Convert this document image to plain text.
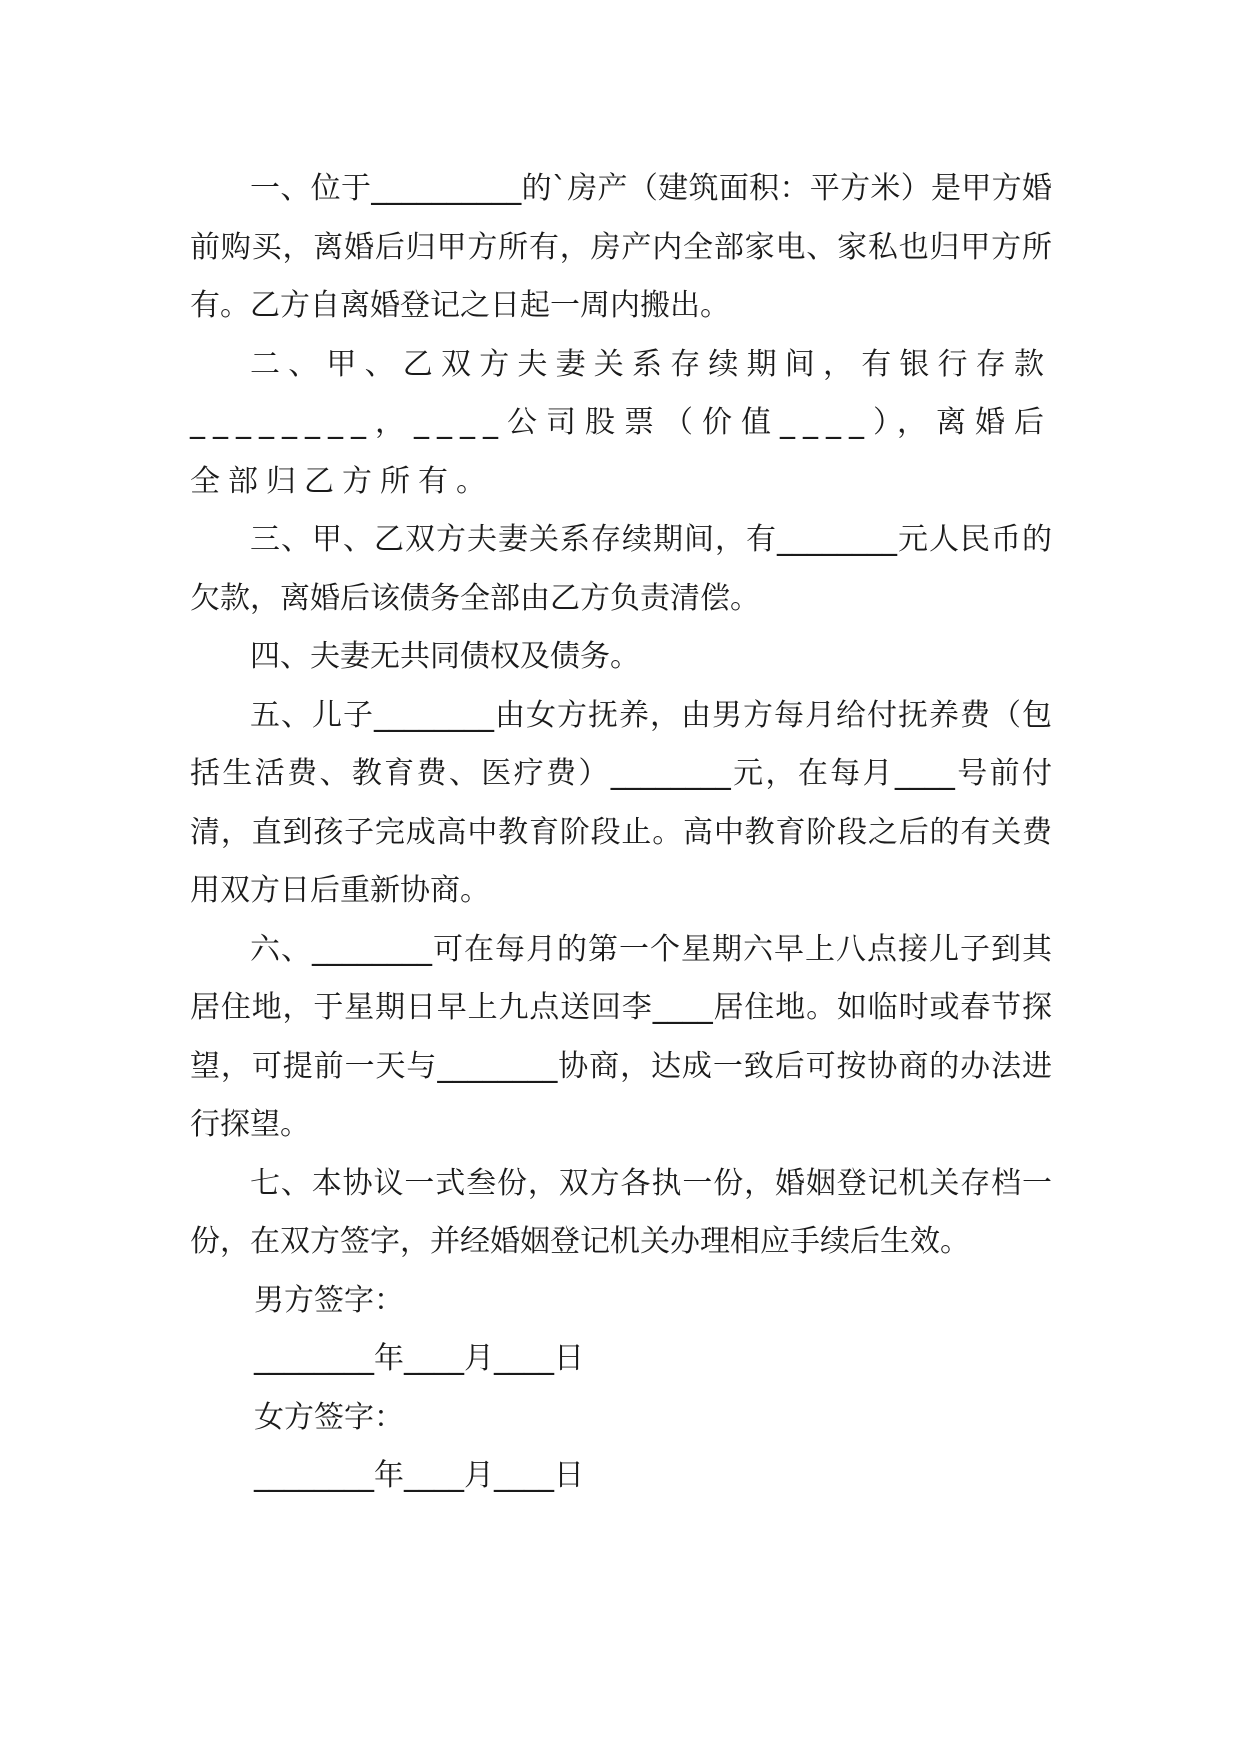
一、位于__________的`房产（建筑面积：平方米）是甲方婚前购买，离婚后归甲方所有，房产内全部家电、家私也归甲方所有。乙方自离婚登记之日起一周内搬出。

二、甲、乙双方夫妻关系存续期间，有银行存款________，____公司股票（价值____），离婚后全部归乙方所有。

三、甲、乙双方夫妻关系存续期间，有________元人民币的欠款，离婚后该债务全部由乙方负责清偿。

四、夫妻无共同债权及债务。

五、儿子________由女方抚养，由男方每月给付抚养费（包括生活费、教育费、医疗费）________元，在每月____号前付清，直到孩子完成高中教育阶段止。高中教育阶段之后的有关费用双方日后重新协商。

六、________可在每月的第一个星期六早上八点接儿子到其居住地，于星期日早上九点送回李____居住地。如临时或春节探望，可提前一天与________协商，达成一致后可按协商的办法进行探望。

七、本协议一式叁份，双方各执一份，婚姻登记机关存档一份，在双方签字，并经婚姻登记机关办理相应手续后生效。

男方签字：

________年____月____日

女方签字：

________年____月____日
